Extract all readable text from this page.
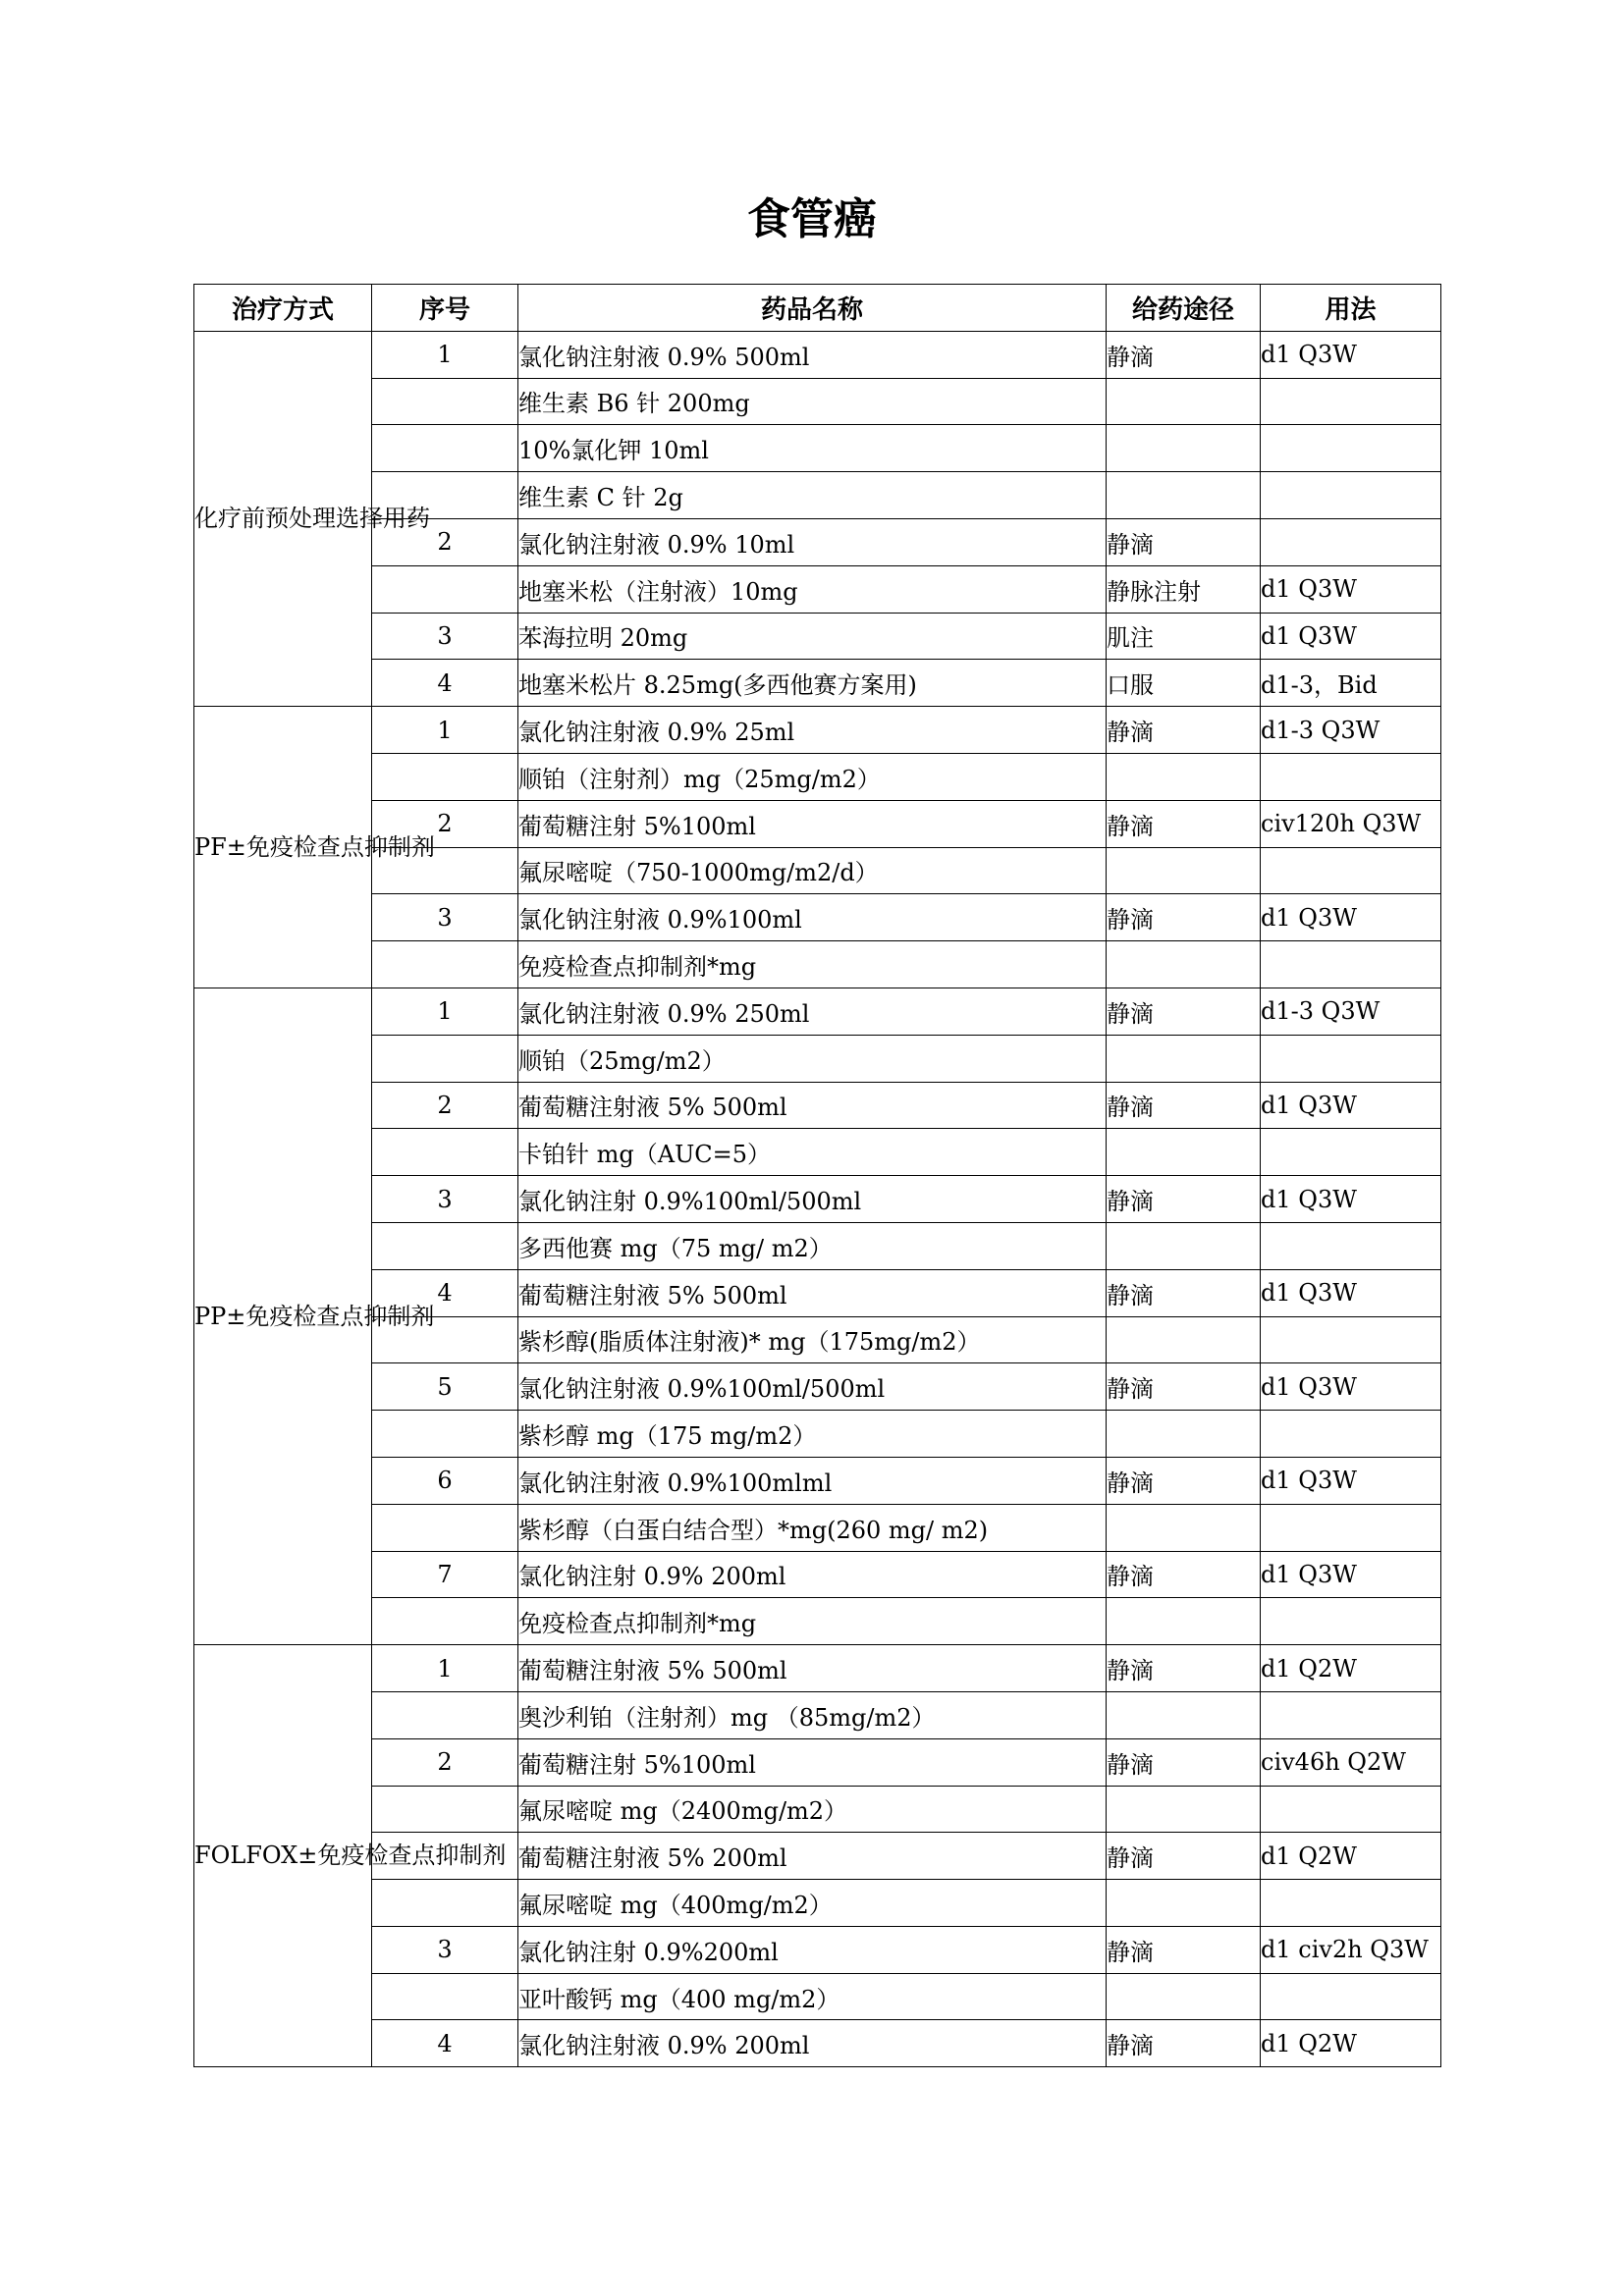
食管癌
治疗方式	序号	药品名称	给药途径	用法
化疗前预处理选择用药	1	氯化钠注射液 0.9% 500ml	静滴	d1 Q3W
		维生素 B6 针 200mg		
		10%氯化钾 10ml		
		维生素 C 针 2g		
	2	氯化钠注射液 0.9% 10ml	静滴	
		地塞米松（注射液）10mg	静脉注射	d1 Q3W
	3	苯海拉明 20mg	肌注	d1 Q3W
	4	地塞米松片 8.25mg(多西他赛方案用)	口服	d1-3，Bid
PF±免疫检查点抑制剂	1	氯化钠注射液 0.9% 25ml	静滴	d1-3 Q3W
		顺铂（注射剂）mg（25mg/m2）		
	2	葡萄糖注射 5%100ml	静滴	civ120h Q3W
		氟尿嘧啶（750-1000mg/m2/d）		
	3	氯化钠注射液 0.9%100ml	静滴	d1 Q3W
		免疫检查点抑制剂*mg		
PP±免疫检查点抑制剂	1	氯化钠注射液 0.9% 250ml	静滴	d1-3 Q3W
		顺铂（25mg/m2）		
	2	葡萄糖注射液 5% 500ml	静滴	d1 Q3W
		卡铂针 mg（AUC=5）		
	3	氯化钠注射 0.9%100ml/500ml	静滴	d1 Q3W
		多西他赛 mg（75 mg/ m2）		
	4	葡萄糖注射液 5% 500ml	静滴	d1 Q3W
		紫杉醇(脂质体注射液)* mg（175mg/m2）		
	5	氯化钠注射液 0.9%100ml/500ml	静滴	d1 Q3W
		紫杉醇 mg（175 mg/m2）		
	6	氯化钠注射液 0.9%100mlml	静滴	d1 Q3W
		紫杉醇（白蛋白结合型）*mg(260 mg/ m2)		
	7	氯化钠注射 0.9% 200ml	静滴	d1 Q3W
		免疫检查点抑制剂*mg		
FOLFOX±免疫检查点抑制剂	1	葡萄糖注射液 5% 500ml	静滴	d1 Q2W
		奥沙利铂（注射剂）mg （85mg/m2）		
	2	葡萄糖注射 5%100ml	静滴	civ46h Q2W
		氟尿嘧啶 mg（2400mg/m2）		
		葡萄糖注射液 5% 200ml	静滴	d1 Q2W
		氟尿嘧啶 mg（400mg/m2）		
	3	氯化钠注射 0.9%200ml	静滴	d1 civ2h Q3W
		亚叶酸钙 mg（400 mg/m2）		
	4	氯化钠注射液 0.9% 200ml	静滴	d1 Q2W
